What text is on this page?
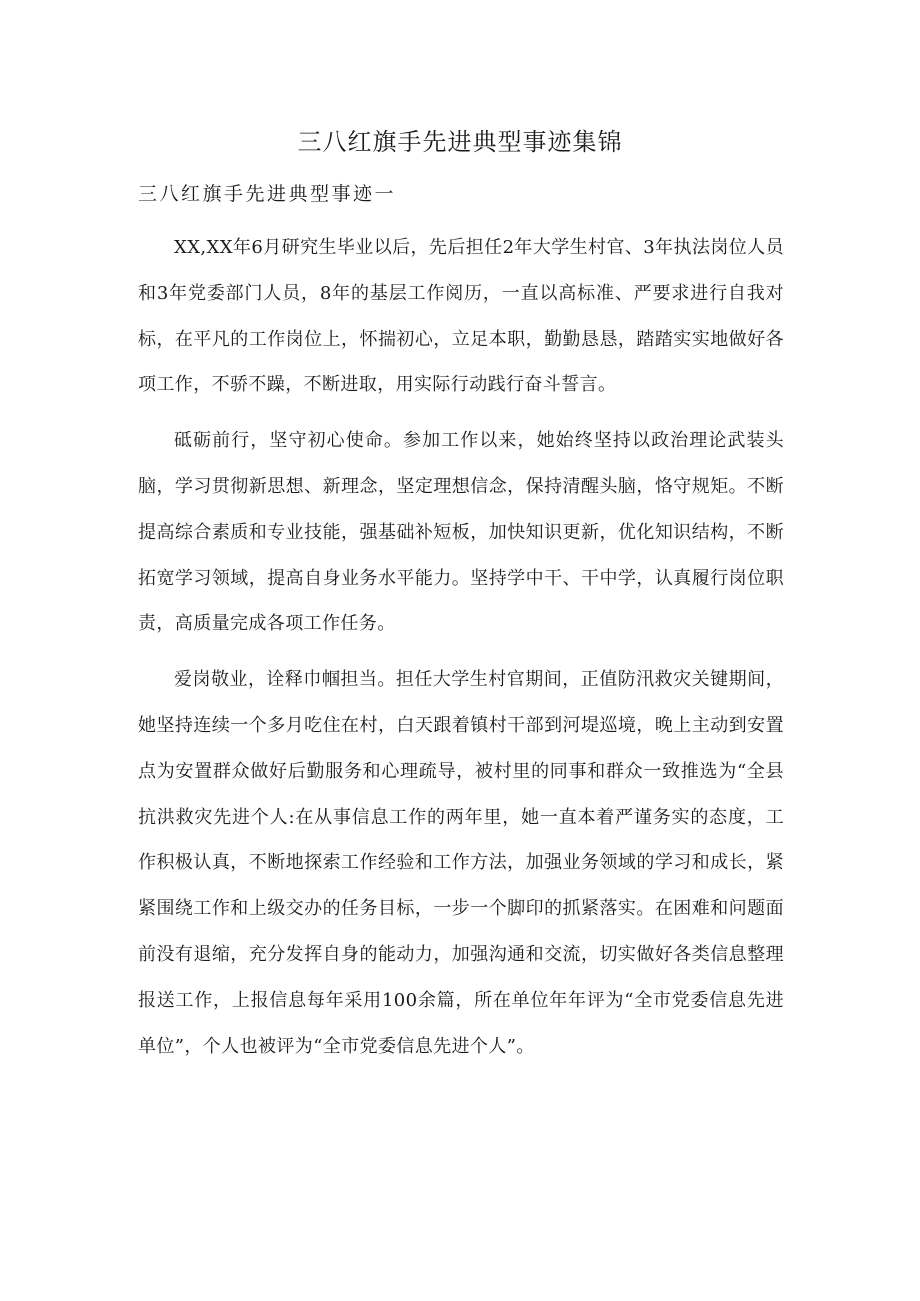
三八红旗手先进典型事迹集锦
三八红旗手先进典型事迹一

XX,XX年6月研究生毕业以后，先后担任2年大学生村官、3年执法岗位人员和3年党委部门人员，8年的基层工作阅历，一直以高标准、严要求进行自我对标，在平凡的工作岗位上，怀揣初心，立足本职，勤勤恳恳，踏踏实实地做好各项工作，不骄不躁，不断进取，用实际行动践行奋斗誓言。

砥砺前行，坚守初心使命。参加工作以来，她始终坚持以政治理论武装头脑，学习贯彻新思想、新理念，坚定理想信念，保持清醒头脑，恪守规矩。不断提高综合素质和专业技能，强基础补短板，加快知识更新，优化知识结构，不断拓宽学习领域，提高自身业务水平能力。坚持学中干、干中学，认真履行岗位职责，高质量完成各项工作任务。

爱岗敬业，诠释巾帼担当。担任大学生村官期间，正值防汛救灾关键期间，她坚持连续一个多月吃住在村，白天跟着镇村干部到河堤巡境，晚上主动到安置点为安置群众做好后勤服务和心理疏导，被村里的同事和群众一致推选为“全县抗洪救灾先进个人:在从事信息工作的两年里，她一直本着严谨务实的态度，工作积极认真，不断地探索工作经验和工作方法，加强业务领域的学习和成长，紧紧围绕工作和上级交办的任务目标，一步一个脚印的抓紧落实。在困难和问题面前没有退缩，充分发挥自身的能动力，加强沟通和交流，切实做好各类信息整理报送工作，上报信息每年采用100余篇，所在单位年年评为“全市党委信息先进单位”，个人也被评为“全市党委信息先进个人”。
